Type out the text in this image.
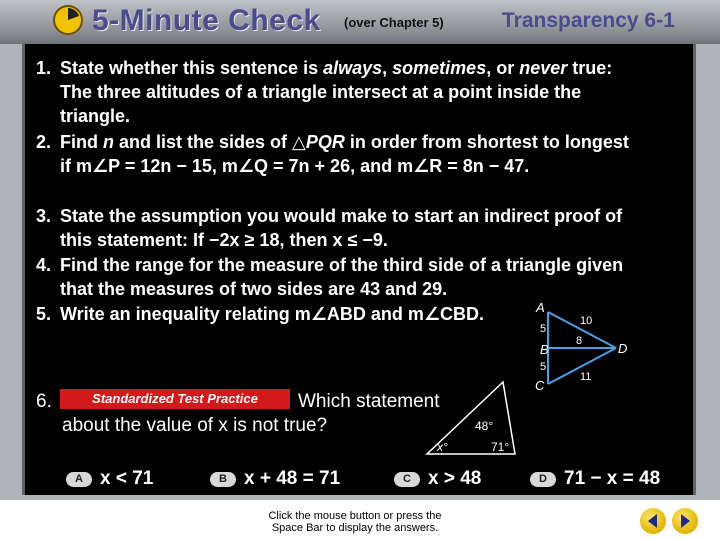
5-Minute Check (over Chapter 5)	Transparency 6-1
1. State whether this sentence is always, sometimes, or never true:
The three altitudes of a triangle intersect at a point inside the
triangle.
2. Find n and list the sides of △PQR in order from shortest to longest
if m∠P = 12n − 15, m∠Q = 7n + 26, and m∠R = 8n − 47.
3. State the assumption you would make to start an indirect proof of
this statement: If −2x ≥ 18, then x ≤ −9.
4. Find the range for the measure of the third side of a triangle given
that the measures of two sides are 43 and 29.
5. Write an inequality relating m∠ABD and m∠CBD.	A
5
B
5
C
D
10
8
11
6.	Standardized Test Practice	Which statement
about the value of x is not true?	48°
71°
x°
A x < 71	B x + 48 = 71	C x > 48	D 71 − x = 48
Click the mouse button or press the
Space Bar to display the answers.
